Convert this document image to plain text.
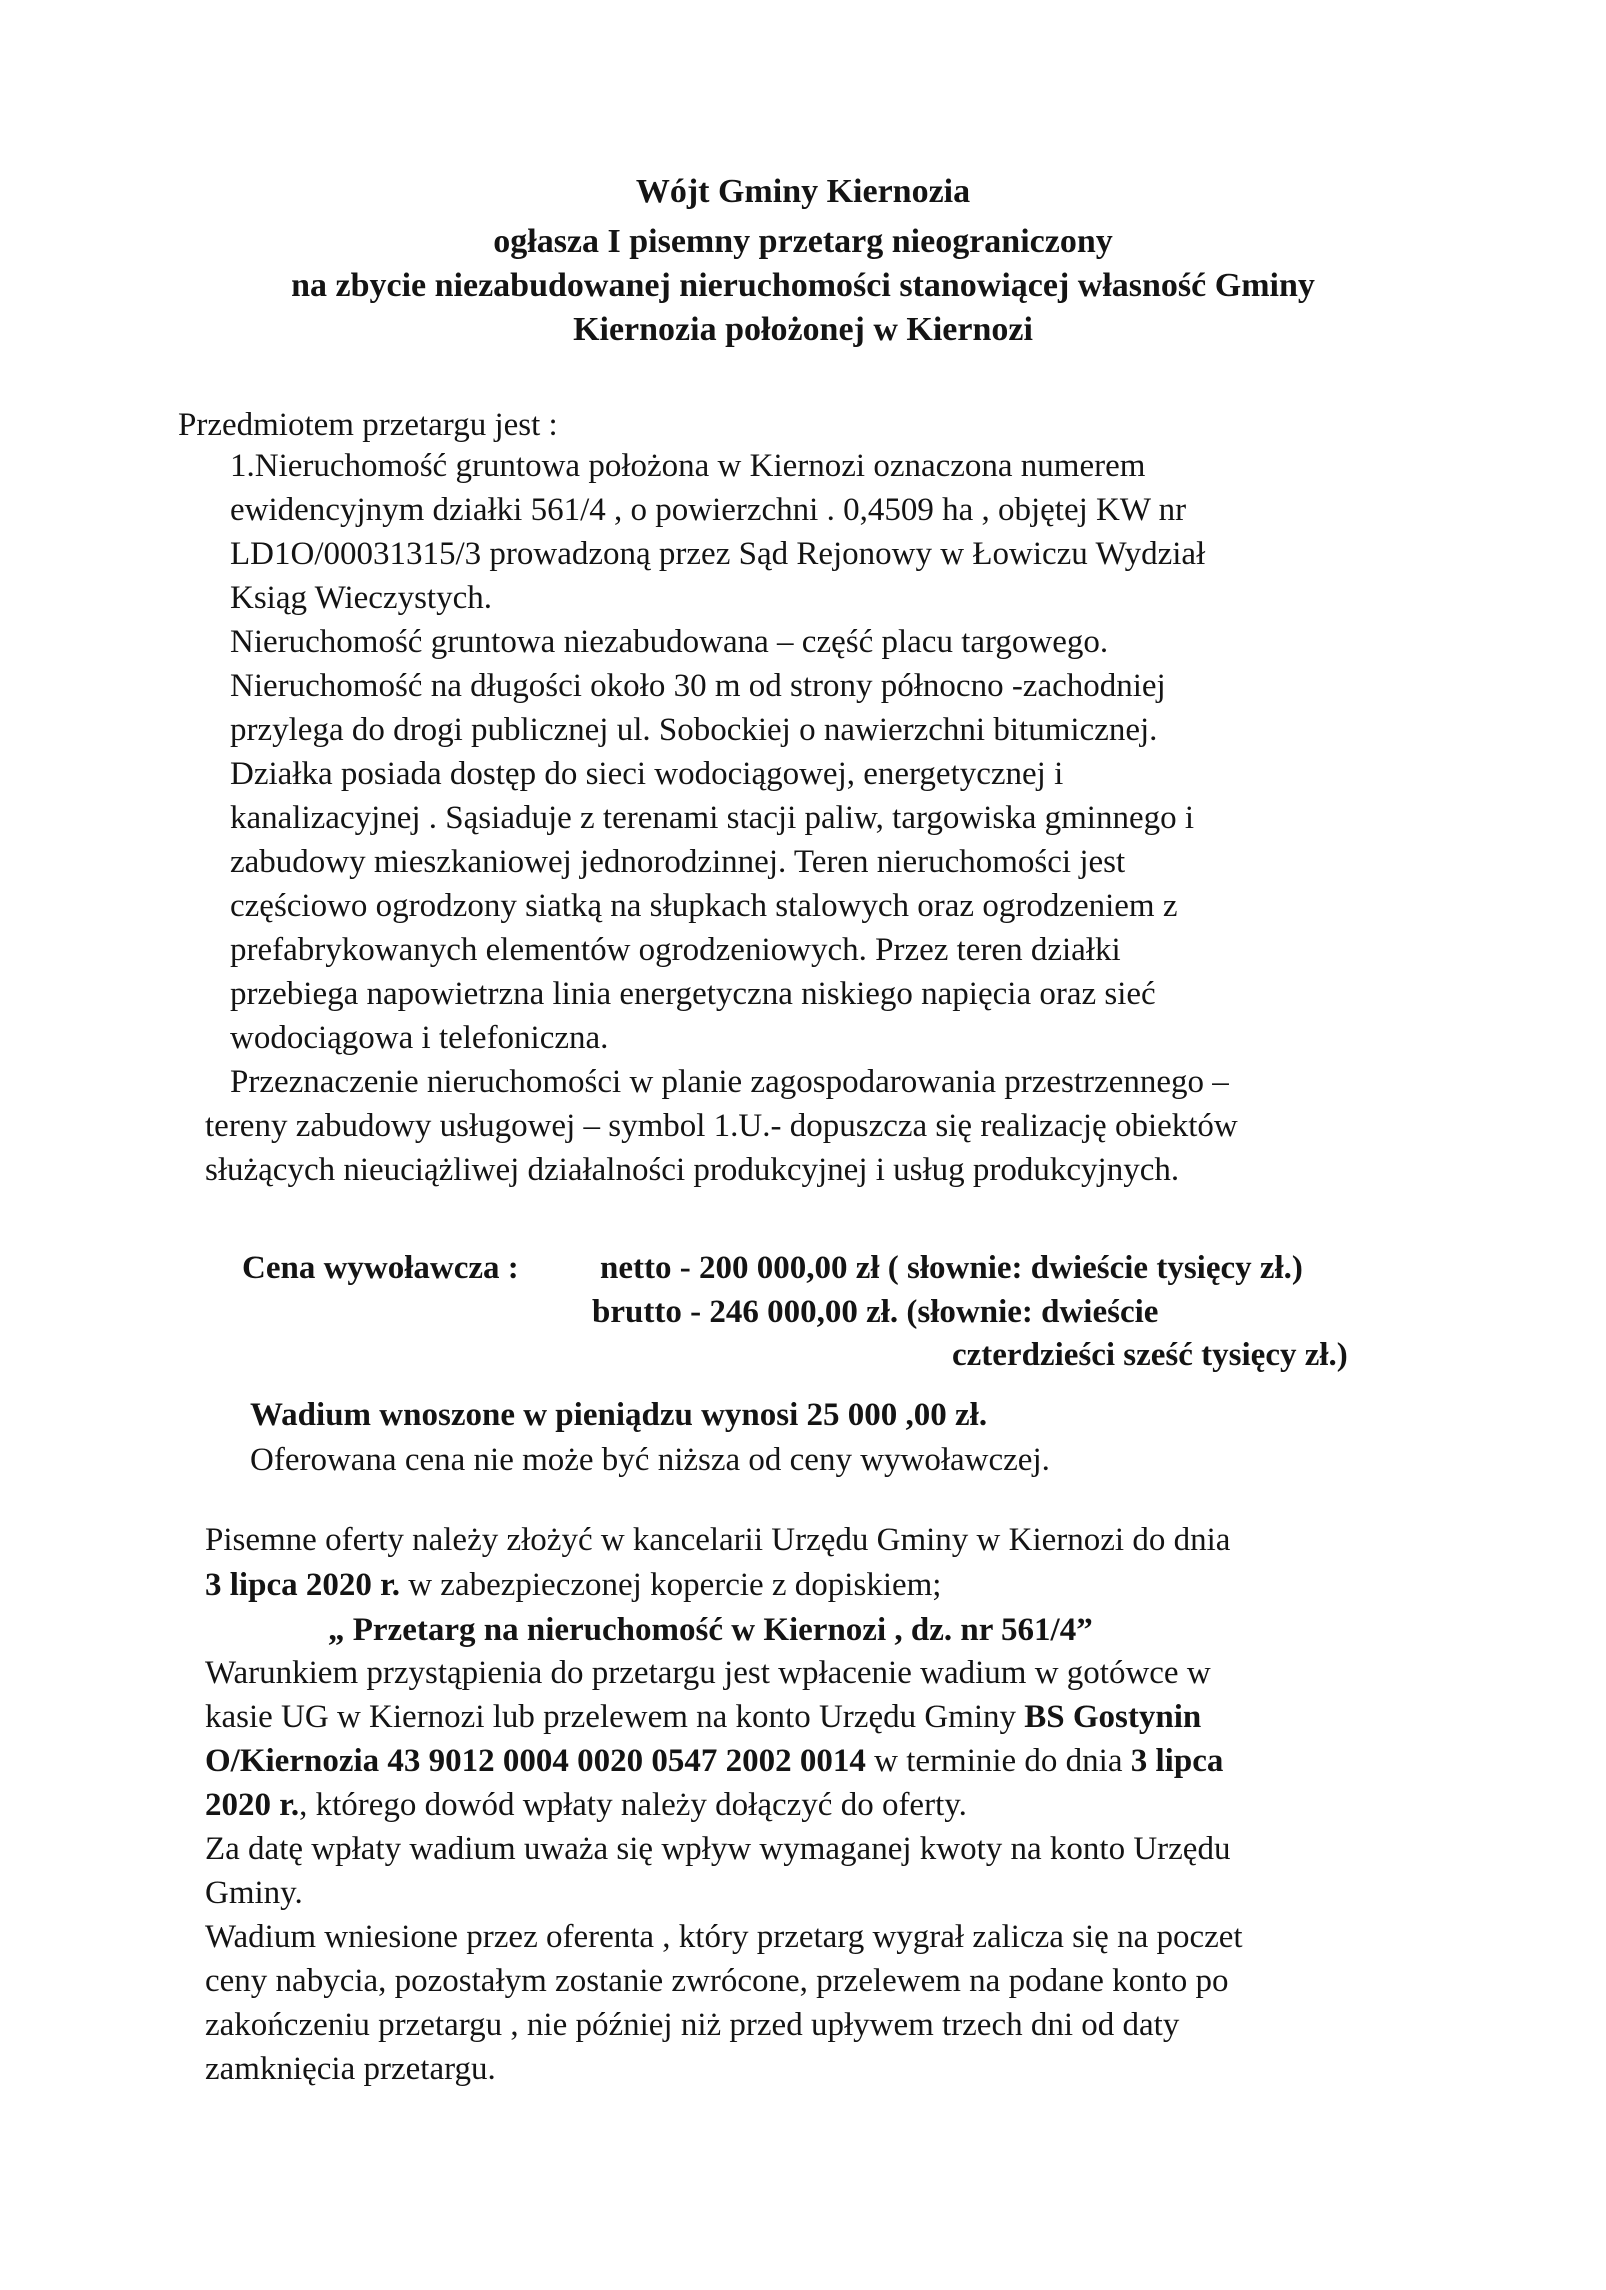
Wójt Gminy Kiernozia
ogłasza I pisemny przetarg nieograniczony
na zbycie niezabudowanej nieruchomości stanowiącej własność Gminy
Kiernozia położonej w Kiernozi
Przedmiotem przetargu jest :
1.Nieruchomość gruntowa położona w Kiernozi oznaczona numerem
ewidencyjnym działki 561/4 , o powierzchni . 0,4509 ha , objętej KW nr
LD1O/00031315/3 prowadzoną przez Sąd Rejonowy w Łowiczu Wydział
Ksiąg Wieczystych.
Nieruchomość gruntowa niezabudowana – część placu targowego.
Nieruchomość na długości około 30 m od strony północno -zachodniej
przylega do drogi publicznej ul. Sobockiej o nawierzchni bitumicznej.
Działka posiada dostęp do sieci wodociągowej, energetycznej i
kanalizacyjnej . Sąsiaduje z terenami stacji paliw, targowiska gminnego i
zabudowy mieszkaniowej jednorodzinnej. Teren nieruchomości jest
częściowo ogrodzony siatką na słupkach stalowych oraz ogrodzeniem z
prefabrykowanych elementów ogrodzeniowych. Przez teren działki
przebiega napowietrzna linia energetyczna niskiego napięcia oraz sieć
wodociągowa i telefoniczna.
Przeznaczenie nieruchomości w planie zagospodarowania przestrzennego –
tereny zabudowy usługowej – symbol 1.U.- dopuszcza się realizację obiektów
służących nieuciążliwej działalności produkcyjnej i usług produkcyjnych.
Cena wywoławcza : netto - 200 000,00 zł ( słownie: dwieście tysięcy zł.)
brutto - 246 000,00 zł. (słownie: dwieście
czterdzieści sześć tysięcy zł.)
Wadium wnoszone w pieniądzu wynosi 25 000 ,00 zł.
Oferowana cena nie może być niższa od ceny wywoławczej.
Pisemne oferty należy złożyć w kancelarii Urzędu Gminy w Kiernozi do dnia
3 lipca 2020 r. w zabezpieczonej kopercie z dopiskiem;
„ Przetarg na nieruchomość w Kiernozi , dz. nr 561/4”
Warunkiem przystąpienia do przetargu jest wpłacenie wadium w gotówce w
kasie UG w Kiernozi lub przelewem na konto Urzędu Gminy BS Gostynin
O/Kiernozia 43 9012 0004 0020 0547 2002 0014 w terminie do dnia 3 lipca
2020 r., którego dowód wpłaty należy dołączyć do oferty.
Za datę wpłaty wadium uważa się wpływ wymaganej kwoty na konto Urzędu
Gminy.
Wadium wniesione przez oferenta , który przetarg wygrał zalicza się na poczet
ceny nabycia, pozostałym zostanie zwrócone, przelewem na podane konto po
zakończeniu przetargu , nie później niż przed upływem trzech dni od daty
zamknięcia przetargu.
